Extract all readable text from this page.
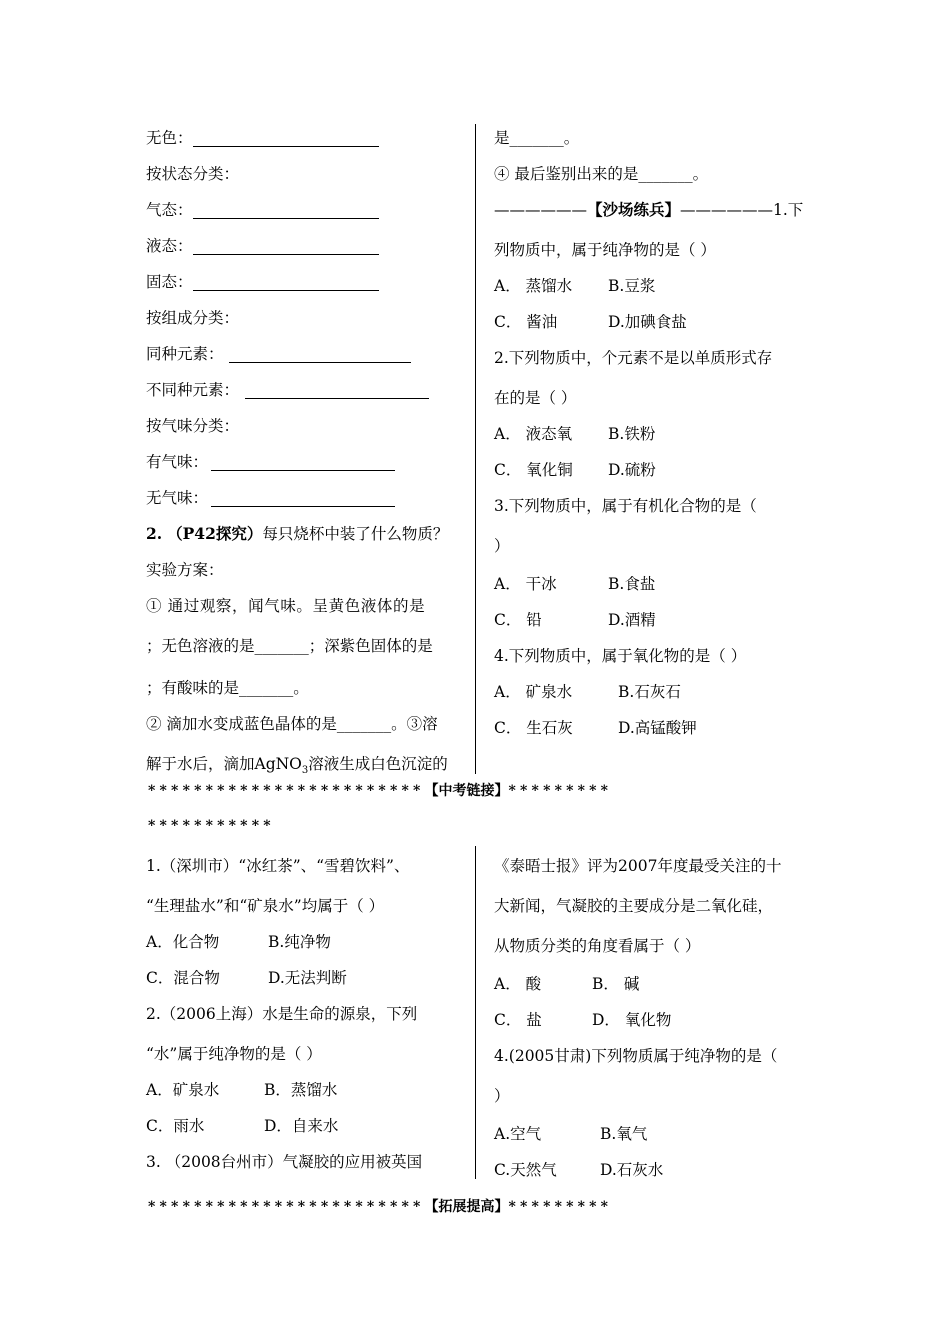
无色：
按状态分类：
气态：
液态：
固态：
按组成分类：
同种元素：
不同种元素：
按气味分类：
有气味：
无气味：
2. （P42探究）每只烧杯中装了什么物质？
实验方案：
① 通过观察，闻气味。呈黄色液体的是
；无色溶液的是_______；深紫色固体的是
；有酸味的是_______。
② 滴加水变成蓝色晶体的是_______。③溶
解于水后，滴加AgNO$_3$溶液生成白色沉淀的
是_______。
④ 最后鉴别出来的是_______。
——————【沙场练兵】——————1.下
列物质中，属于纯净物的是（ ）
A． 蒸馏水 B.豆浆
C． 酱油	D.加碘食盐
2.下列物质中，个元素不是以单质形式存
在的是（ ）
A． 液态氧 B.铁粉
C． 氧化铜 D.硫粉
3.下列物质中，属于有机化合物的是（
）
A． 干冰	B.食盐
C． 铅	D.酒精
4.下列物质中，属于氧化物的是（ ）
A． 矿泉水	B.石灰石
C． 生石灰	D.高锰酸钾
************************【中考链接】*********
***********
1.（深圳市）“冰红茶”、“雪碧饮料”、
“生理盐水”和“矿泉水”均属于（ ）
A．化合物	B.纯净物
C．混合物	D.无法判断
2.（2006上海）水是生命的源泉，下列
“水”属于纯净物的是（ ）
A．矿泉水	B．蒸馏水
C．雨水	D．自来水
3. （2008台州市）气凝胶的应用被英国
《泰晤士报》评为2007年度最受关注的十
大新闻，气凝胶的主要成分是二氧化硅，
从物质分类的角度看属于（ ）
A． 酸	B． 碱
C． 盐	D． 氧化物
4.(2005甘肃)下列物质属于纯净物的是（
）
A.空气	B.氧气
C.天然气	D.石灰水
************************【拓展提高】*********
